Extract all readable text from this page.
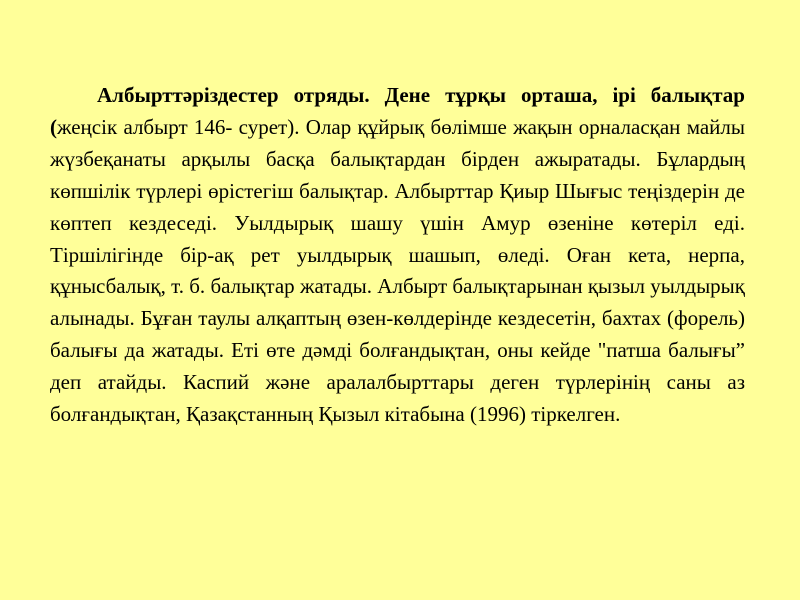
Албырттәріздестер отряды. Дене тұрқы орташа, ірі балықтар (жеңсік албырт 146- сурет). Олар құйрық бөлімше жақын орналасқан майлы жүзбеқанаты арқылы басқа балықтардан бірден ажыратады. Бұлардың көпшілік түрлері өрістегіш балықтар. Албырттар Қиыр Шығыс теңіздерін де көптеп кездеседі. Уылдырық шашу үшін Амур өзеніне көтеріл еді. Тіршілігінде бір-ақ рет уылдырық шашып, өледі. Оған кета, нерпа, құнысбалық, т. б. балықтар жатады. Албырт балықтарынан қызыл уылдырық алынады. Бұған таулы алқаптың өзен-көлдерінде кездесетін, бахтах (форель) балығы да жатады. Еті өте дәмді болғандықтан, оны кейде "патша балығы” деп атайды. Каспий және аралалбырттары деген түрлерінің саны аз болғандықтан, Қазақстанның Қызыл кітабына (1996) тіркелген.
